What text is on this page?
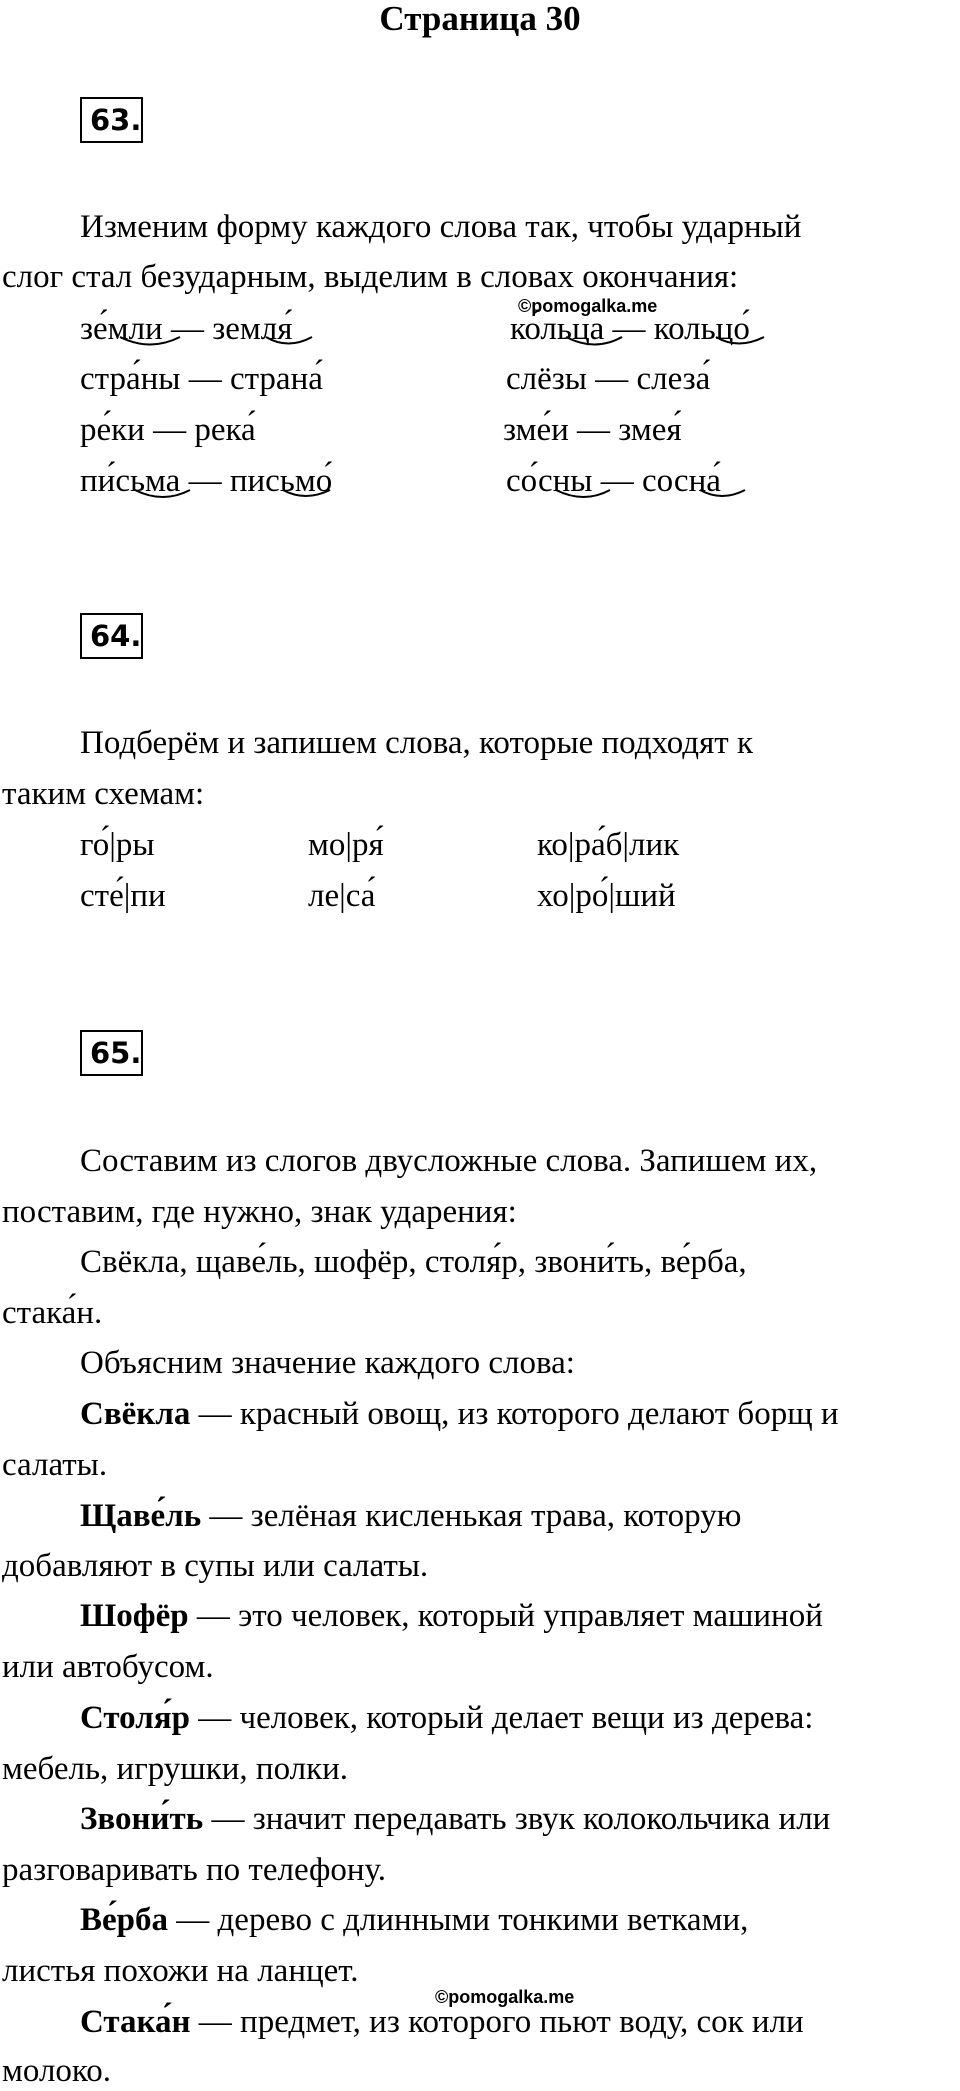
Страница 30
63.
Изменим форму каждого слова так, чтобы ударный
слог стал безударным, выделим в словах окончания:
©pomogalka.me
зе́мли — земля́	ко́льца — кольцо́
стра́ны — страна́	слёзы — слеза́
ре́ки — река́	зме́и — змея́
пи́сьма — письмо́	со́сны — сосна́
64.
Подберём и запишем слова, которые подходят к
таким схемам:
го́|ры	мо|ря́	ко|ра́б|лик
сте́|пи	ле|са́	хо|ро́|ший
65.
Составим из слогов двусложные слова. Запишем их,
поставим, где нужно, знак ударения:
Свёкла, щаве́ль, шофёр, столя́р, звони́ть, ве́рба,
стака́н.
Объясним значение каждого слова:
Свёкла — красный овощ, из которого делают борщ и
салаты.
Щаве́ль — зелёная кисленькая трава, которую
добавляют в супы или салаты.
Шофёр — это человек, который управляет машиной
или автобусом.
Столя́р — человек, который делает вещи из дерева:
мебель, игрушки, полки.
Звони́ть — значит передавать звук колокольчика или
разговаривать по телефону.
Ве́рба — дерево с длинными тонкими ветками,
листья похожи на ланцет.
©pomogalka.me
Стака́н — предмет, из которого пьют воду, сок или
молоко.
